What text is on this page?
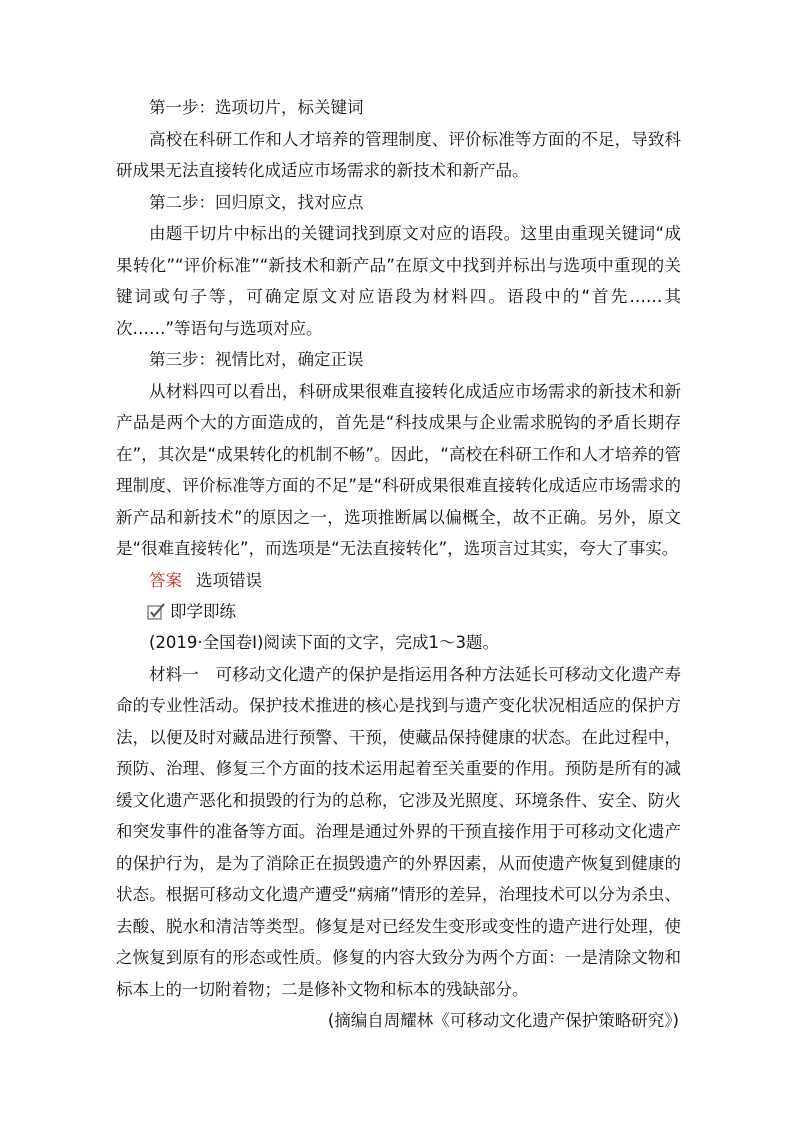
第一步：选项切片，标关键词

高校在科研工作和人才培养的管理制度、评价标准等方面的不足，导致科研成果无法直接转化成适应市场需求的新技术和新产品。

第二步：回归原文，找对应点

由题干切片中标出的关键词找到原文对应的语段。这里由重现关键词“成果转化”“评价标准”“新技术和新产品”在原文中找到并标出与选项中重现的关键词或句子等，可确定原文对应语段为材料四。语段中的“首先……其次……”等语句与选项对应。

第三步：视情比对，确定正误

从材料四可以看出，科研成果很难直接转化成适应市场需求的新技术和新产品是两个大的方面造成的，首先是“科技成果与企业需求脱钩的矛盾长期存在”，其次是“成果转化的机制不畅”。因此，“高校在科研工作和人才培养的管理制度、评价标准等方面的不足”是“科研成果很难直接转化成适应市场需求的新产品和新技术”的原因之一，选项推断属以偏概全，故不正确。另外，原文是“很难直接转化”，而选项是“无法直接转化”，选项言过其实，夸大了事实。

答案 选项错误

即学即练

(2019·全国卷Ⅰ)阅读下面的文字，完成1～3题。

材料一　可移动文化遗产的保护是指运用各种方法延长可移动文化遗产寿命的专业性活动。保护技术推进的核心是找到与遗产变化状况相适应的保护方法，以便及时对藏品进行预警、干预，使藏品保持健康的状态。在此过程中，预防、治理、修复三个方面的技术运用起着至关重要的作用。预防是所有的减缓文化遗产恶化和损毁的行为的总称，它涉及光照度、环境条件、安全、防火和突发事件的准备等方面。治理是通过外界的干预直接作用于可移动文化遗产的保护行为，是为了消除正在损毁遗产的外界因素，从而使遗产恢复到健康的状态。根据可移动文化遗产遭受“病痛”情形的差异，治理技术可以分为杀虫、去酸、脱水和清洁等类型。修复是对已经发生变形或变性的遗产进行处理，使之恢复到原有的形态或性质。修复的内容大致分为两个方面：一是清除文物和标本上的一切附着物；二是修补文物和标本的残缺部分。

(摘编自周耀林《可移动文化遗产保护策略研究》)
